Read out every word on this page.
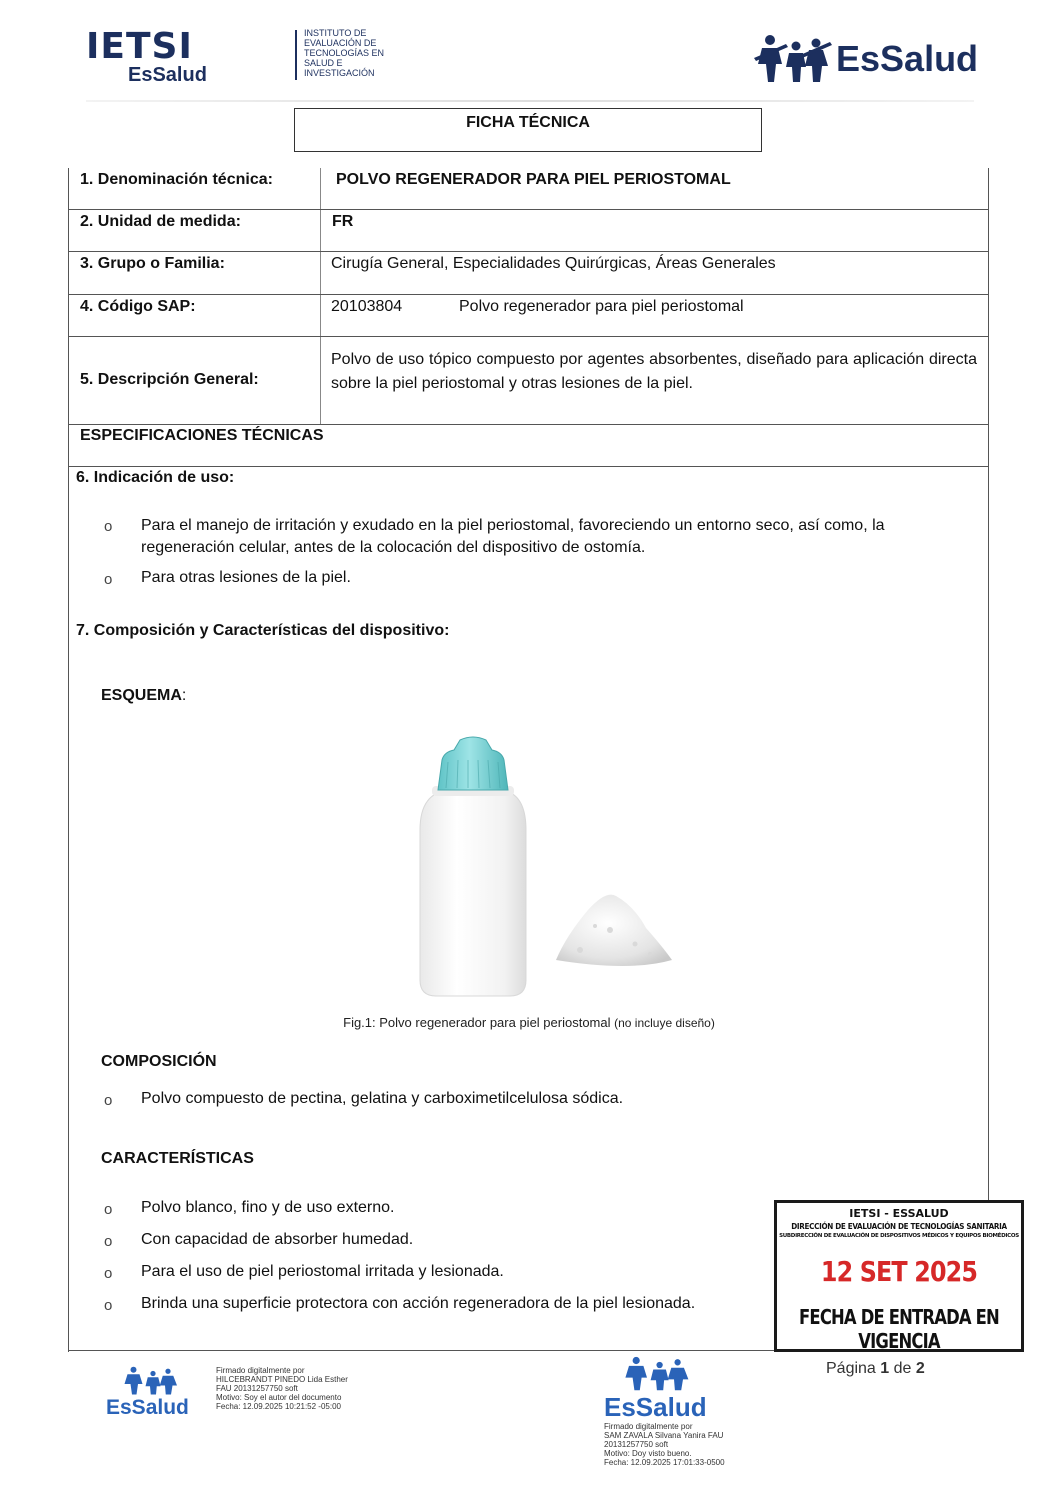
IETSI
EsSalud
INSTITUTO DE
EVALUACIÓN DE
TECNOLOGÍAS EN
SALUD E
INVESTIGACIÓN	EsSalud
FICHA TÉCNICA
1. Denominación técnica:	POLVO REGENERADOR PARA PIEL PERIOSTOMAL
2. Unidad de medida:	FR
3. Grupo o Familia:	Cirugía General, Especialidades Quirúrgicas, Áreas Generales
4. Código SAP:	20103804	Polvo regenerador para piel periostomal
5. Descripción General:
Polvo de uso tópico compuesto por agentes absorbentes, diseñado para aplicación directa sobre la piel periostomal y otras lesiones de la piel.
ESPECIFICACIONES TÉCNICAS
6. Indicación de uso:
o Para el manejo de irritación y exudado en la piel periostomal, favoreciendo un entorno seco, así como, la regeneración celular, antes de la colocación del dispositivo de ostomía.
o Para otras lesiones de la piel.
7. Composición y Características del dispositivo:
ESQUEMA:
Fig.1: Polvo regenerador para piel periostomal (no incluye diseño)
COMPOSICIÓN
o Polvo compuesto de pectina, gelatina y carboximetilcelulosa sódica.
CARACTERÍSTICAS
o Polvo blanco, fino y de uso externo.
o Con capacidad de absorber humedad.
o Para el uso de piel periostomal irritada y lesionada.
o Brinda una superficie protectora con acción regeneradora de la piel lesionada.
IETSI - ESSALUD
DIRECCIÓN DE EVALUACIÓN DE TECNOLOGÍAS SANITARIA
SUBDIRECCIÓN DE EVALUACIÓN DE DISPOSITIVOS MÉDICOS Y EQUIPOS BIOMÉDICOS
12 SET 2025
FECHA DE ENTRADA EN VIGENCIA
Página 1 de 2
EsSalud
Firmado digitalmente por
HILCEBRANDT PINEDO Lida Esther
FAU 20131257750 soft
Motivo: Soy el autor del documento
Fecha: 12.09.2025 10:21:52 -05:00	EsSalud
Firmado digitalmente por
SAM ZAVALA Silvana Yanira FAU
20131257750 soft
Motivo: Doy visto bueno.
Fecha: 12.09.2025 17:01:33-0500
